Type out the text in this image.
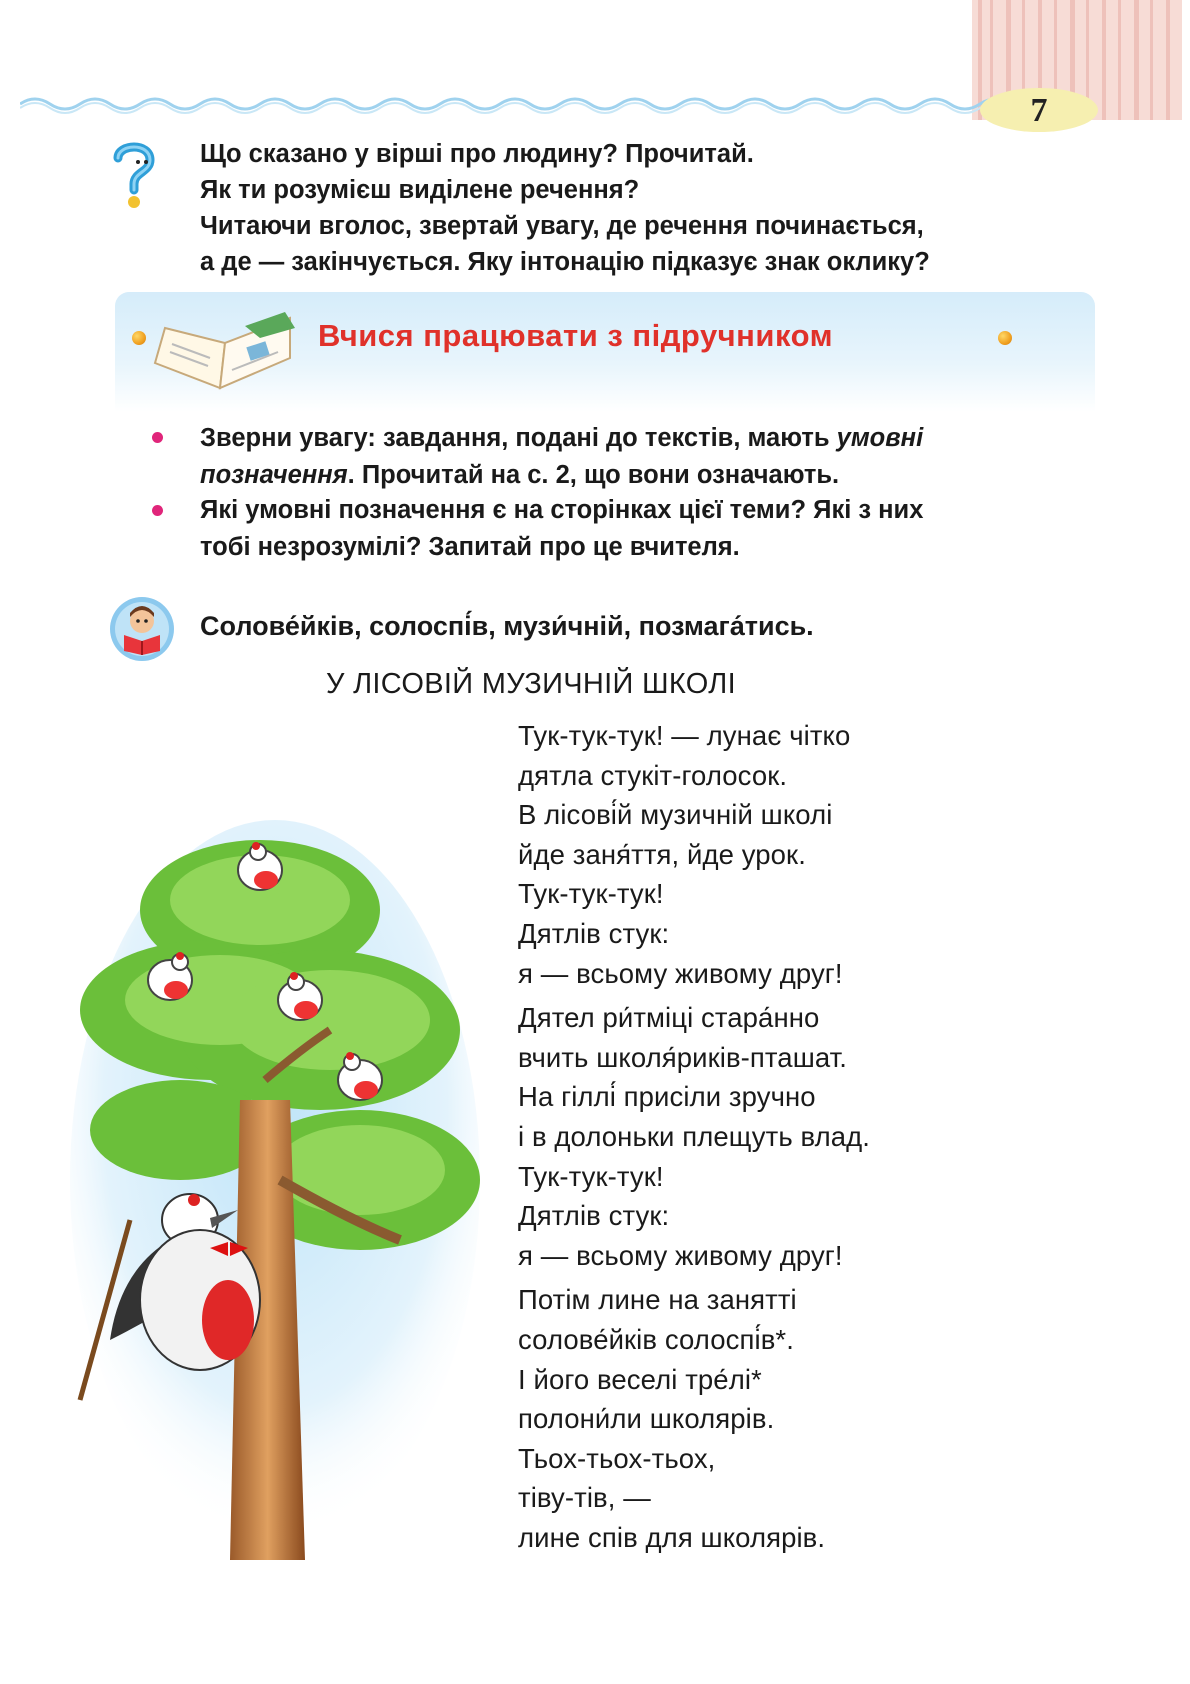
7
Що сказано у вірші про людину? Прочитай.
Як ти розумієш виділене речення?
Читаючи вголос, звертай увагу, де речення починається,
а де — закінчується. Яку інтонацію підказує знак оклику?
Вчися працювати з підручником
Зверни увагу: завдання, подані до текстів, мають умовні
позначення. Прочитай на с. 2, що вони означають.
Які умовні позначення є на сторінках цієї теми? Які з них
тобі незрозумілі? Запитай про це вчителя.
Солове́йків, солоспі́в, музи́чній, позмага́тись.
У ЛІСОВІЙ МУЗИЧНІЙ ШКОЛІ
Тук-тук-тук! — лунає чітко
дятла стукіт-голосок.
В лісові́й музичній школі
йде заня́ття, йде урок.
Тук-тук-тук!
Дятлів стук:
я — всьому живому друг!
Дятел ри́тміці стара́нно
вчить школя́риків-пташат.
На гіллі́ присіли зручно
і в долоньки плещуть влад.
Тук-тук-тук!
Дятлів стук:
я — всьому живому друг!
Потім лине на занятті
солове́йків солоспі́в*.
І його веселі тре́лі*
полони́ли школярів.
Тьох-тьох-тьох,
тіву-тів, —
лине спів для школярів.
